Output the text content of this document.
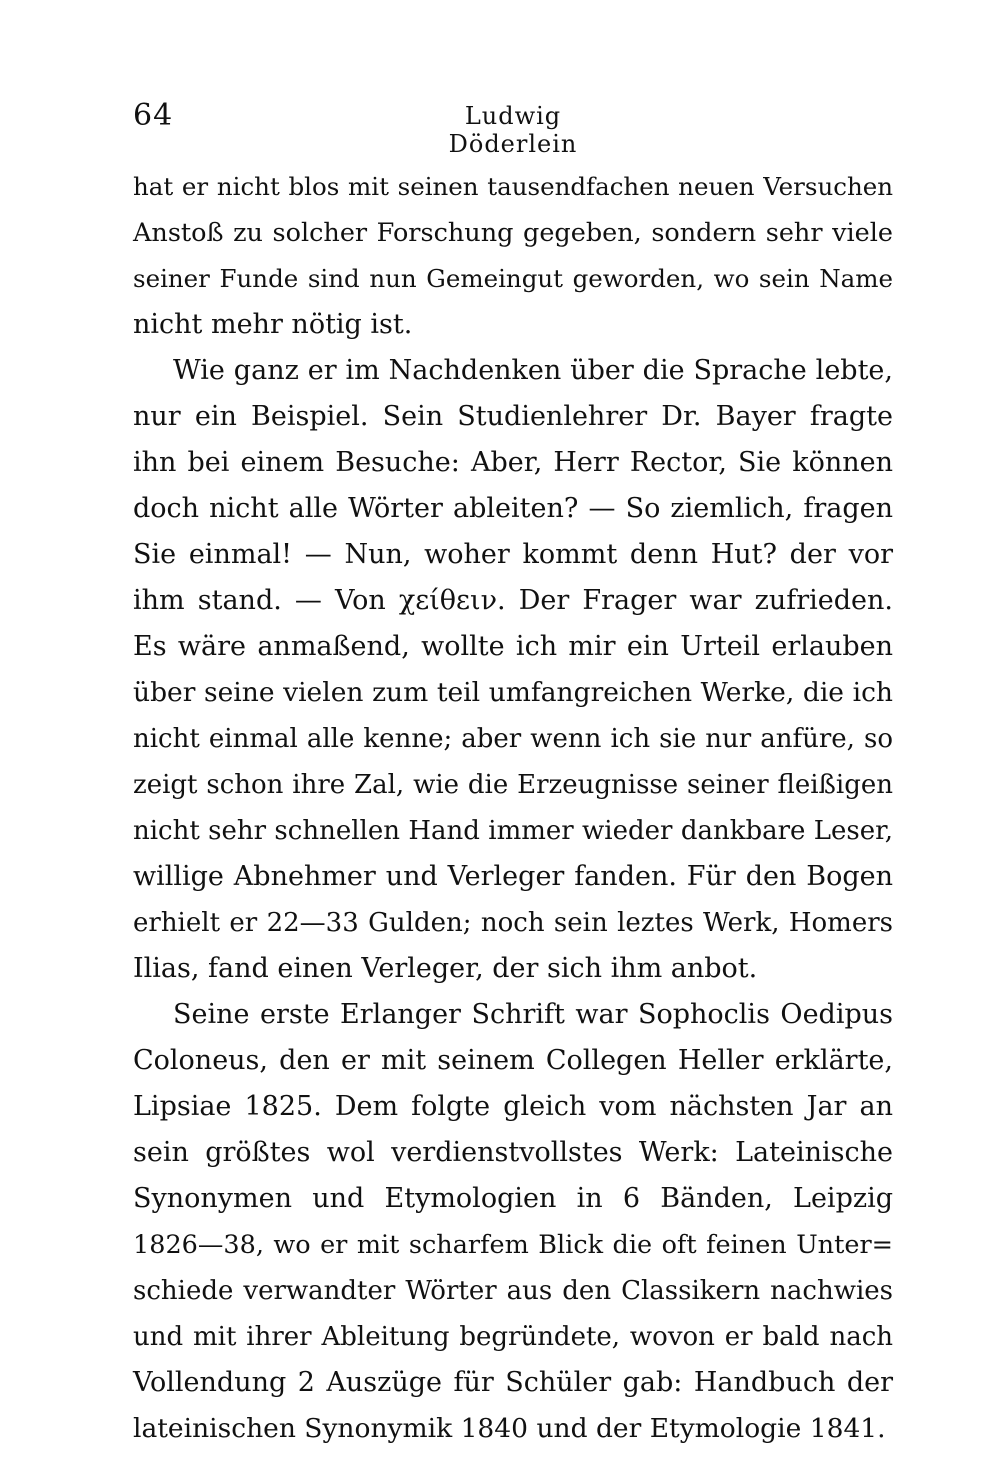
64	Ludwig Döderlein
hat er nicht blos mit seinen tausendfachen neuen Versuchen
Anstoß zu solcher Forschung gegeben, sondern sehr viele
seiner Funde sind nun Gemeingut geworden, wo sein Name
nicht mehr nötig ist.
Wie ganz er im Nachdenken über die Sprache lebte,
nur ein Beispiel. Sein Studienlehrer Dr. Bayer fragte
ihn bei einem Besuche: Aber, Herr Rector, Sie können
doch nicht alle Wörter ableiten? — So ziemlich, fragen
Sie einmal! — Nun, woher kommt denn Hut? der vor
ihm stand. — Von χείθειν. Der Frager war zufrieden.
Es wäre anmaßend, wollte ich mir ein Urteil erlauben
über seine vielen zum teil umfangreichen Werke, die ich
nicht einmal alle kenne; aber wenn ich sie nur anfüre, so
zeigt schon ihre Zal, wie die Erzeugnisse seiner fleißigen
nicht sehr schnellen Hand immer wieder dankbare Leser,
willige Abnehmer und Verleger fanden. Für den Bogen
erhielt er 22—33 Gulden; noch sein leztes Werk, Homers
Ilias, fand einen Verleger, der sich ihm anbot.
Seine erste Erlanger Schrift war Sophoclis Oedipus
Coloneus, den er mit seinem Collegen Heller erklärte,
Lipsiae 1825. Dem folgte gleich vom nächsten Jar an
sein größtes wol verdienstvollstes Werk: Lateinische
Synonymen und Etymologien in 6 Bänden, Leipzig
1826—38, wo er mit scharfem Blick die oft feinen Unter=
schiede verwandter Wörter aus den Classikern nachwies
und mit ihrer Ableitung begründete, wovon er bald nach
Vollendung 2 Auszüge für Schüler gab: Handbuch der
lateinischen Synonymik 1840 und der Etymologie 1841.
